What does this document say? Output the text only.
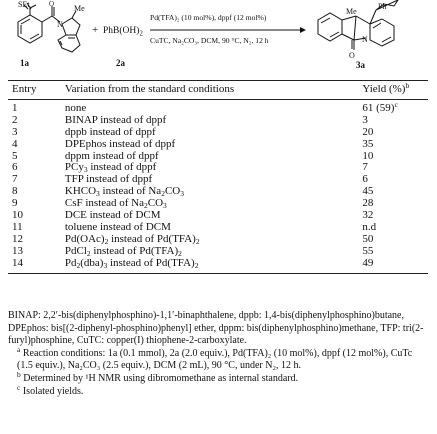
SEt	Me
N
O
1a
+ $PhB(OH)_2$
2a
Pd(TFA)₂ (10 mol%), dppf (12 mol%)
CuTC, Na₂CO₃, DCM, 90 °C, N₂, 12 h
Me
Ph
N
O
3a
Entry	Variation from the standard conditions	Yield (%)$^b$
1	none	61 $(59)^c$
2	BINAP instead of dppf	3
3	dppb instead of dppf	20
4	DPEphos instead of dppf	35
5	dppm instead of dppf	10
6	PCy$_3$ instead of dppf	7
7	TFP instead of dppf	6
8	$KHCO_3$ instead of $Na_2CO_3$	45
9	CsF instead of $Na_2CO_3$	28
10	DCE instead of DCM	32
11	toluene instead of DCM	n.d
12	$Pd(OAc)_2$ instead of $Pd(TFA)_2$	50
13	PdCl$_2$ instead of $Pd(TFA)_2$	55
14	$Pd_2(dba)_3$ instead of $Pd(TFA)_2$	49

BINAP: 2,2′-bis(diphenylphosphino)-1,1′-binaphthalene, dppb: 1,4-bis(diphenylphosphino)butane, DPEphos: bis[(2-diphenyl-phosphino)phenyl] ether, dppm: bis(diphenylphosphino)methane, TFP: tri(2-furyl)phosphine, CuTC: copper(I) thiophene-2-carboxylate.

$^a$ Reaction conditions: 1a (0.1 mmol), 2a (2.0 equiv.), Pd(TFA)₂ (10 mol%), dppf (12 mol%), CuTc (1.5 equiv.), Na₂CO₃ (2.5 equiv.), DCM (2 mL), 90 °C, under N₂, 12 h.

$^b$ Determined by ¹H NMR using dibromomethane as internal standard.

$^c$ Isolated yields.
